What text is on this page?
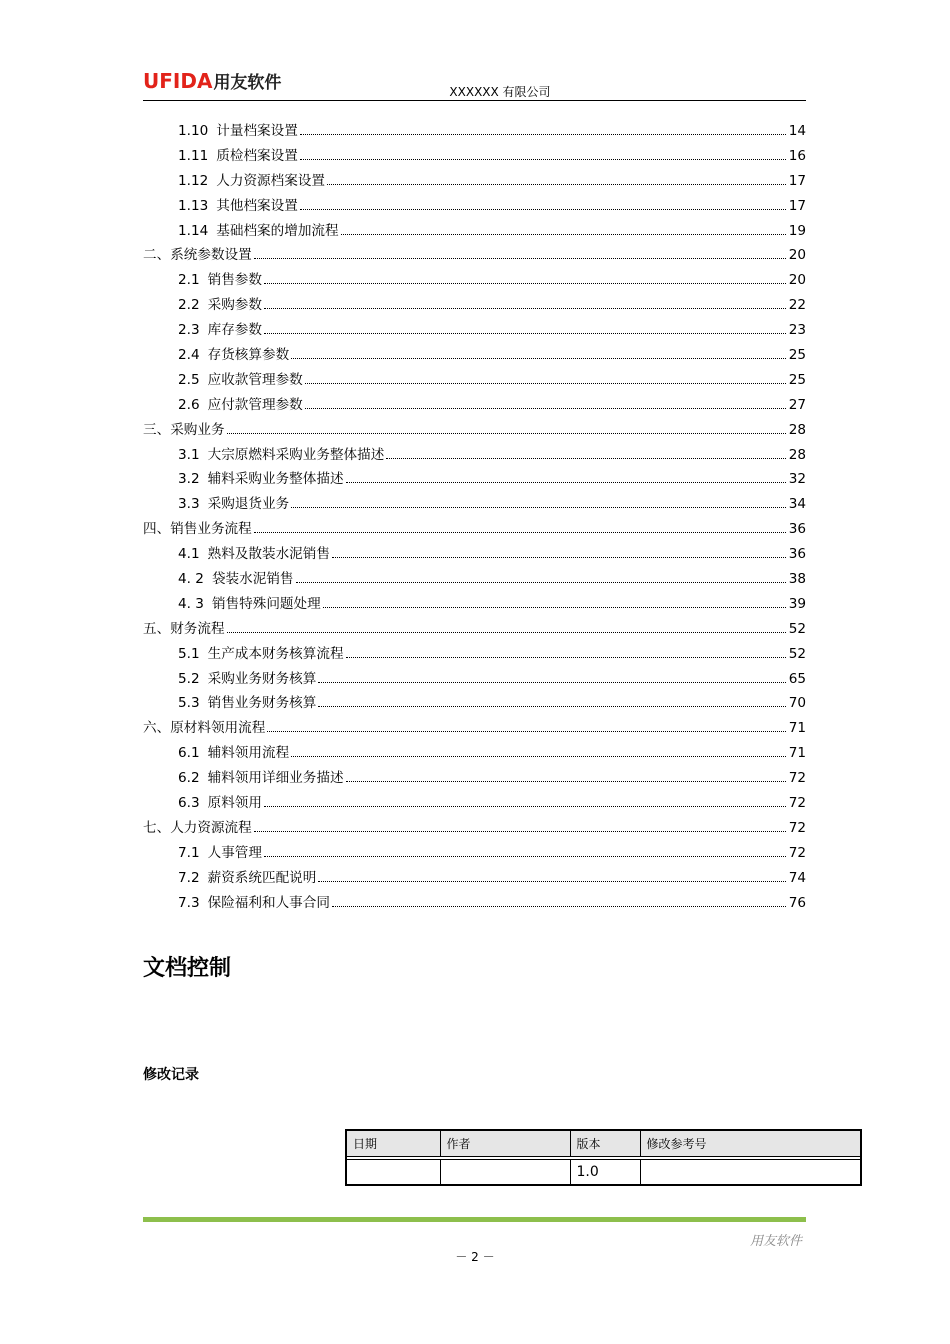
UFIDA 用友软件	XXXXXX 有限公司
1.10 计量档案设置	14
1.11 质检档案设置	16
1.12 人力资源档案设置	17
1.13 其他档案设置	17
1.14 基础档案的增加流程	19
二、 系统参数设置	20
2.1 销售参数	20
2.2 采购参数	22
2.3 库存参数	23
2.4 存货核算参数	25
2.5 应收款管理参数	25
2.6 应付款管理参数	27
三、 采购业务	28
3.1 大宗原燃料采购业务整体描述	28
3.2 辅料采购业务整体描述	32
3.3 采购退货业务	34
四、 销售业务流程	36
4.1 熟料及散装水泥销售	36
4. 2 袋装水泥销售	38
4. 3 销售特殊问题处理	39
五、 财务流程	52
5.1 生产成本财务核算流程	52
5.2 采购业务财务核算	65
5.3 销售业务财务核算	70
六、 原材料领用流程	71
6.1 辅料领用流程	71
6.2 辅料领用详细业务描述	72
6.3 原料领用	72
七、 人力资源流程	72
7.1 人事管理	72
7.2 薪资系统匹配说明	74
7.3 保险福利和人事合同	76
文档控制
修改记录
日期	作者	版本	修改参考号

		1.0	
用友软件
－ 2 －
